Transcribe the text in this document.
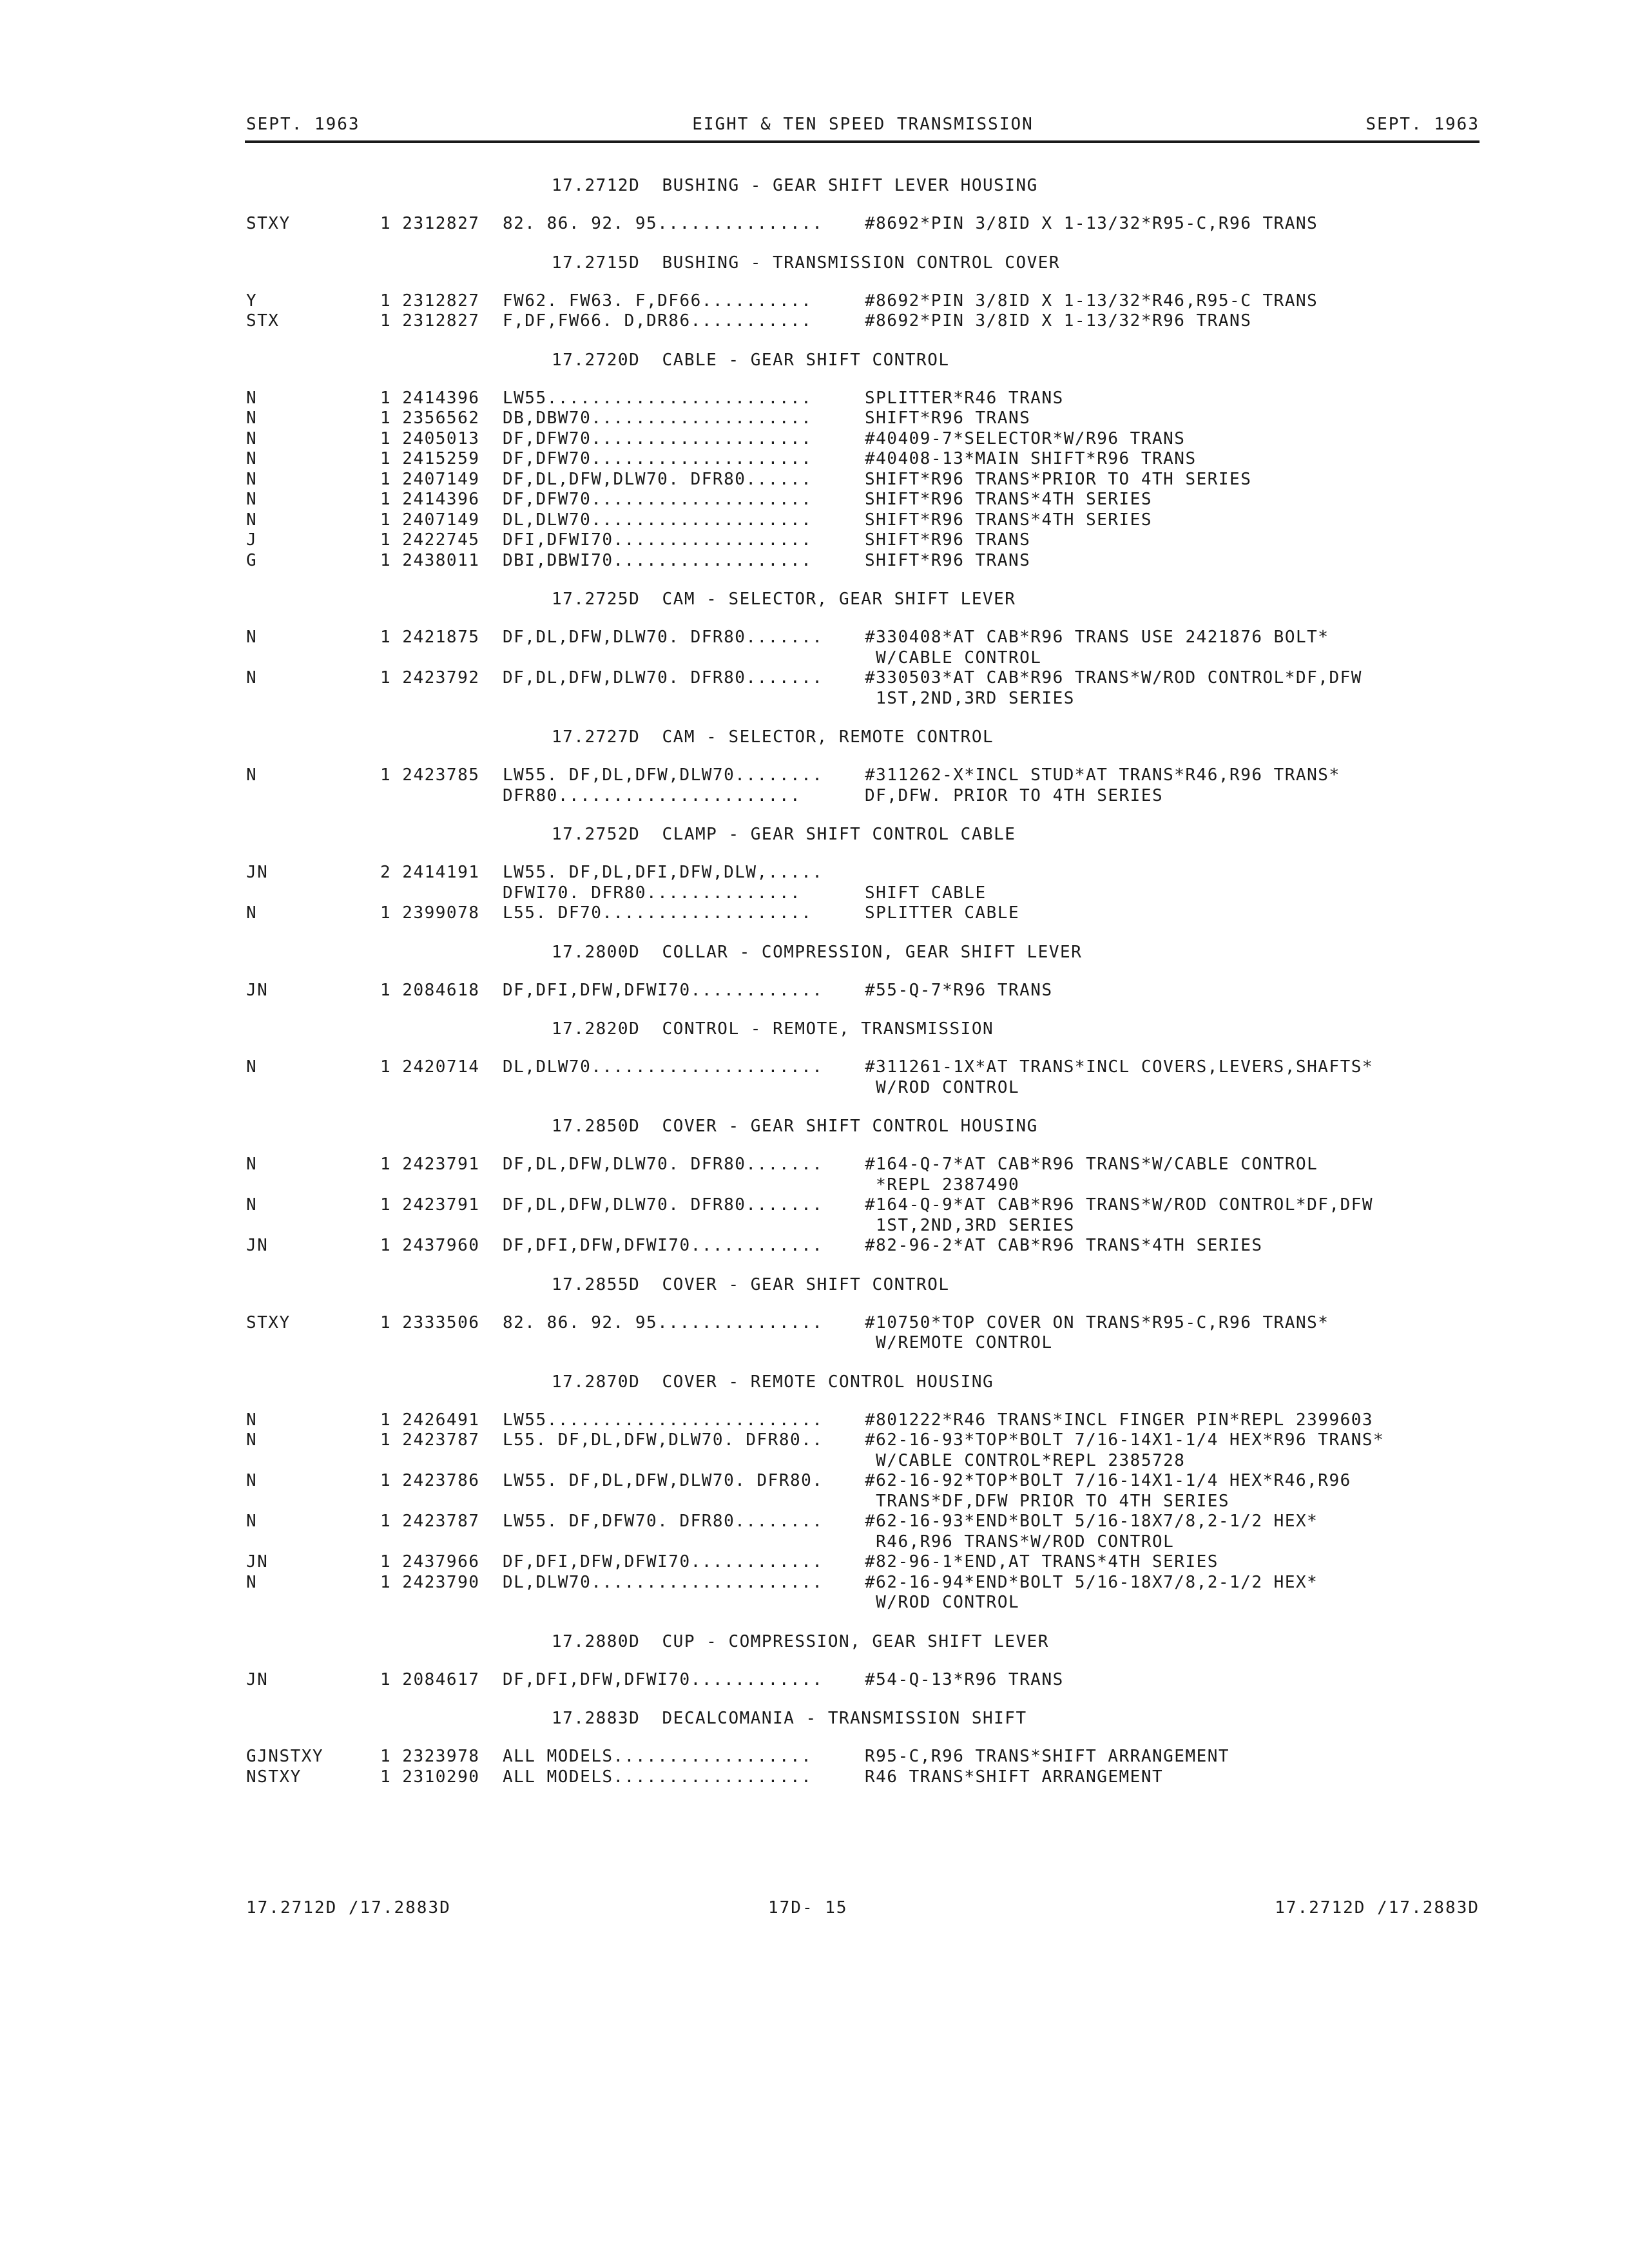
SEPT. 1963	EIGHT & TEN SPEED TRANSMISSION	SEPT. 1963
17.2712D  BUSHING - GEAR SHIFT LEVER HOUSING
STXY	1 2312827	82. 86. 92. 95...............	#8692*PIN 3/8ID X 1-13/32*R95-C,R96 TRANS
17.2715D  BUSHING - TRANSMISSION CONTROL COVER
Y	1 2312827	FW62. FW63. F,DF66..........	#8692*PIN 3/8ID X 1-13/32*R46,R95-C TRANS
STX	1 2312827	F,DF,FW66. D,DR86...........	#8692*PIN 3/8ID X 1-13/32*R96 TRANS
17.2720D  CABLE - GEAR SHIFT CONTROL
N	1 2414396	LW55........................	SPLITTER*R46 TRANS
N	1 2356562	DB,DBW70....................	SHIFT*R96 TRANS
N	1 2405013	DF,DFW70....................	#40409-7*SELECTOR*W/R96 TRANS
N	1 2415259	DF,DFW70....................	#40408-13*MAIN SHIFT*R96 TRANS
N	1 2407149	DF,DL,DFW,DLW70. DFR80......	SHIFT*R96 TRANS*PRIOR TO 4TH SERIES
N	1 2414396	DF,DFW70....................	SHIFT*R96 TRANS*4TH SERIES
N	1 2407149	DL,DLW70....................	SHIFT*R96 TRANS*4TH SERIES
J	1 2422745	DFI,DFWI70..................	SHIFT*R96 TRANS
G	1 2438011	DBI,DBWI70..................	SHIFT*R96 TRANS
17.2725D  CAM - SELECTOR, GEAR SHIFT LEVER
N	1 2421875	DF,DL,DFW,DLW70. DFR80.......	#330408*AT CAB*R96 TRANS USE 2421876 BOLT*
W/CABLE CONTROL
N	1 2423792	DF,DL,DFW,DLW70. DFR80.......	#330503*AT CAB*R96 TRANS*W/ROD CONTROL*DF,DFW
1ST,2ND,3RD SERIES
17.2727D  CAM - SELECTOR, REMOTE CONTROL
N	1 2423785	LW55. DF,DL,DFW,DLW70........	#311262-X*INCL STUD*AT TRANS*R46,R96 TRANS*
DFR80......................	DF,DFW. PRIOR TO 4TH SERIES
17.2752D  CLAMP - GEAR SHIFT CONTROL CABLE
JN	2 2414191	LW55. DF,DL,DFI,DFW,DLW,.....
DFWI70. DFR80..............	SHIFT CABLE
N	1 2399078	L55. DF70...................	SPLITTER CABLE
17.2800D  COLLAR - COMPRESSION, GEAR SHIFT LEVER
JN	1 2084618	DF,DFI,DFW,DFWI70............	#55-Q-7*R96 TRANS
17.2820D  CONTROL - REMOTE, TRANSMISSION
N	1 2420714	DL,DLW70.....................	#311261-1X*AT TRANS*INCL COVERS,LEVERS,SHAFTS*
W/ROD CONTROL
17.2850D  COVER - GEAR SHIFT CONTROL HOUSING
N	1 2423791	DF,DL,DFW,DLW70. DFR80.......	#164-Q-7*AT CAB*R96 TRANS*W/CABLE CONTROL
*REPL 2387490
N	1 2423791	DF,DL,DFW,DLW70. DFR80.......	#164-Q-9*AT CAB*R96 TRANS*W/ROD CONTROL*DF,DFW
1ST,2ND,3RD SERIES
JN	1 2437960	DF,DFI,DFW,DFWI70............	#82-96-2*AT CAB*R96 TRANS*4TH SERIES
17.2855D  COVER - GEAR SHIFT CONTROL
STXY	1 2333506	82. 86. 92. 95...............	#10750*TOP COVER ON TRANS*R95-C,R96 TRANS*
W/REMOTE CONTROL
17.2870D  COVER - REMOTE CONTROL HOUSING
N	1 2426491	LW55.........................	#801222*R46 TRANS*INCL FINGER PIN*REPL 2399603
N	1 2423787	L55. DF,DL,DFW,DLW70. DFR80..	#62-16-93*TOP*BOLT 7/16-14X1-1/4 HEX*R96 TRANS*
W/CABLE CONTROL*REPL 2385728
N	1 2423786	LW55. DF,DL,DFW,DLW70. DFR80.	#62-16-92*TOP*BOLT 7/16-14X1-1/4 HEX*R46,R96
TRANS*DF,DFW PRIOR TO 4TH SERIES
N	1 2423787	LW55. DF,DFW70. DFR80........	#62-16-93*END*BOLT 5/16-18X7/8,2-1/2 HEX*
R46,R96 TRANS*W/ROD CONTROL
JN	1 2437966	DF,DFI,DFW,DFWI70............	#82-96-1*END,AT TRANS*4TH SERIES
N	1 2423790	DL,DLW70.....................	#62-16-94*END*BOLT 5/16-18X7/8,2-1/2 HEX*
W/ROD CONTROL
17.2880D  CUP - COMPRESSION, GEAR SHIFT LEVER
JN	1 2084617	DF,DFI,DFW,DFWI70............	#54-Q-13*R96 TRANS
17.2883D  DECALCOMANIA - TRANSMISSION SHIFT
GJNSTXY	1 2323978	ALL MODELS..................	R95-C,R96 TRANS*SHIFT ARRANGEMENT
NSTXY	1 2310290	ALL MODELS..................	R46 TRANS*SHIFT ARRANGEMENT
17.2712D /17.2883D	17D- 15	17.2712D /17.2883D
